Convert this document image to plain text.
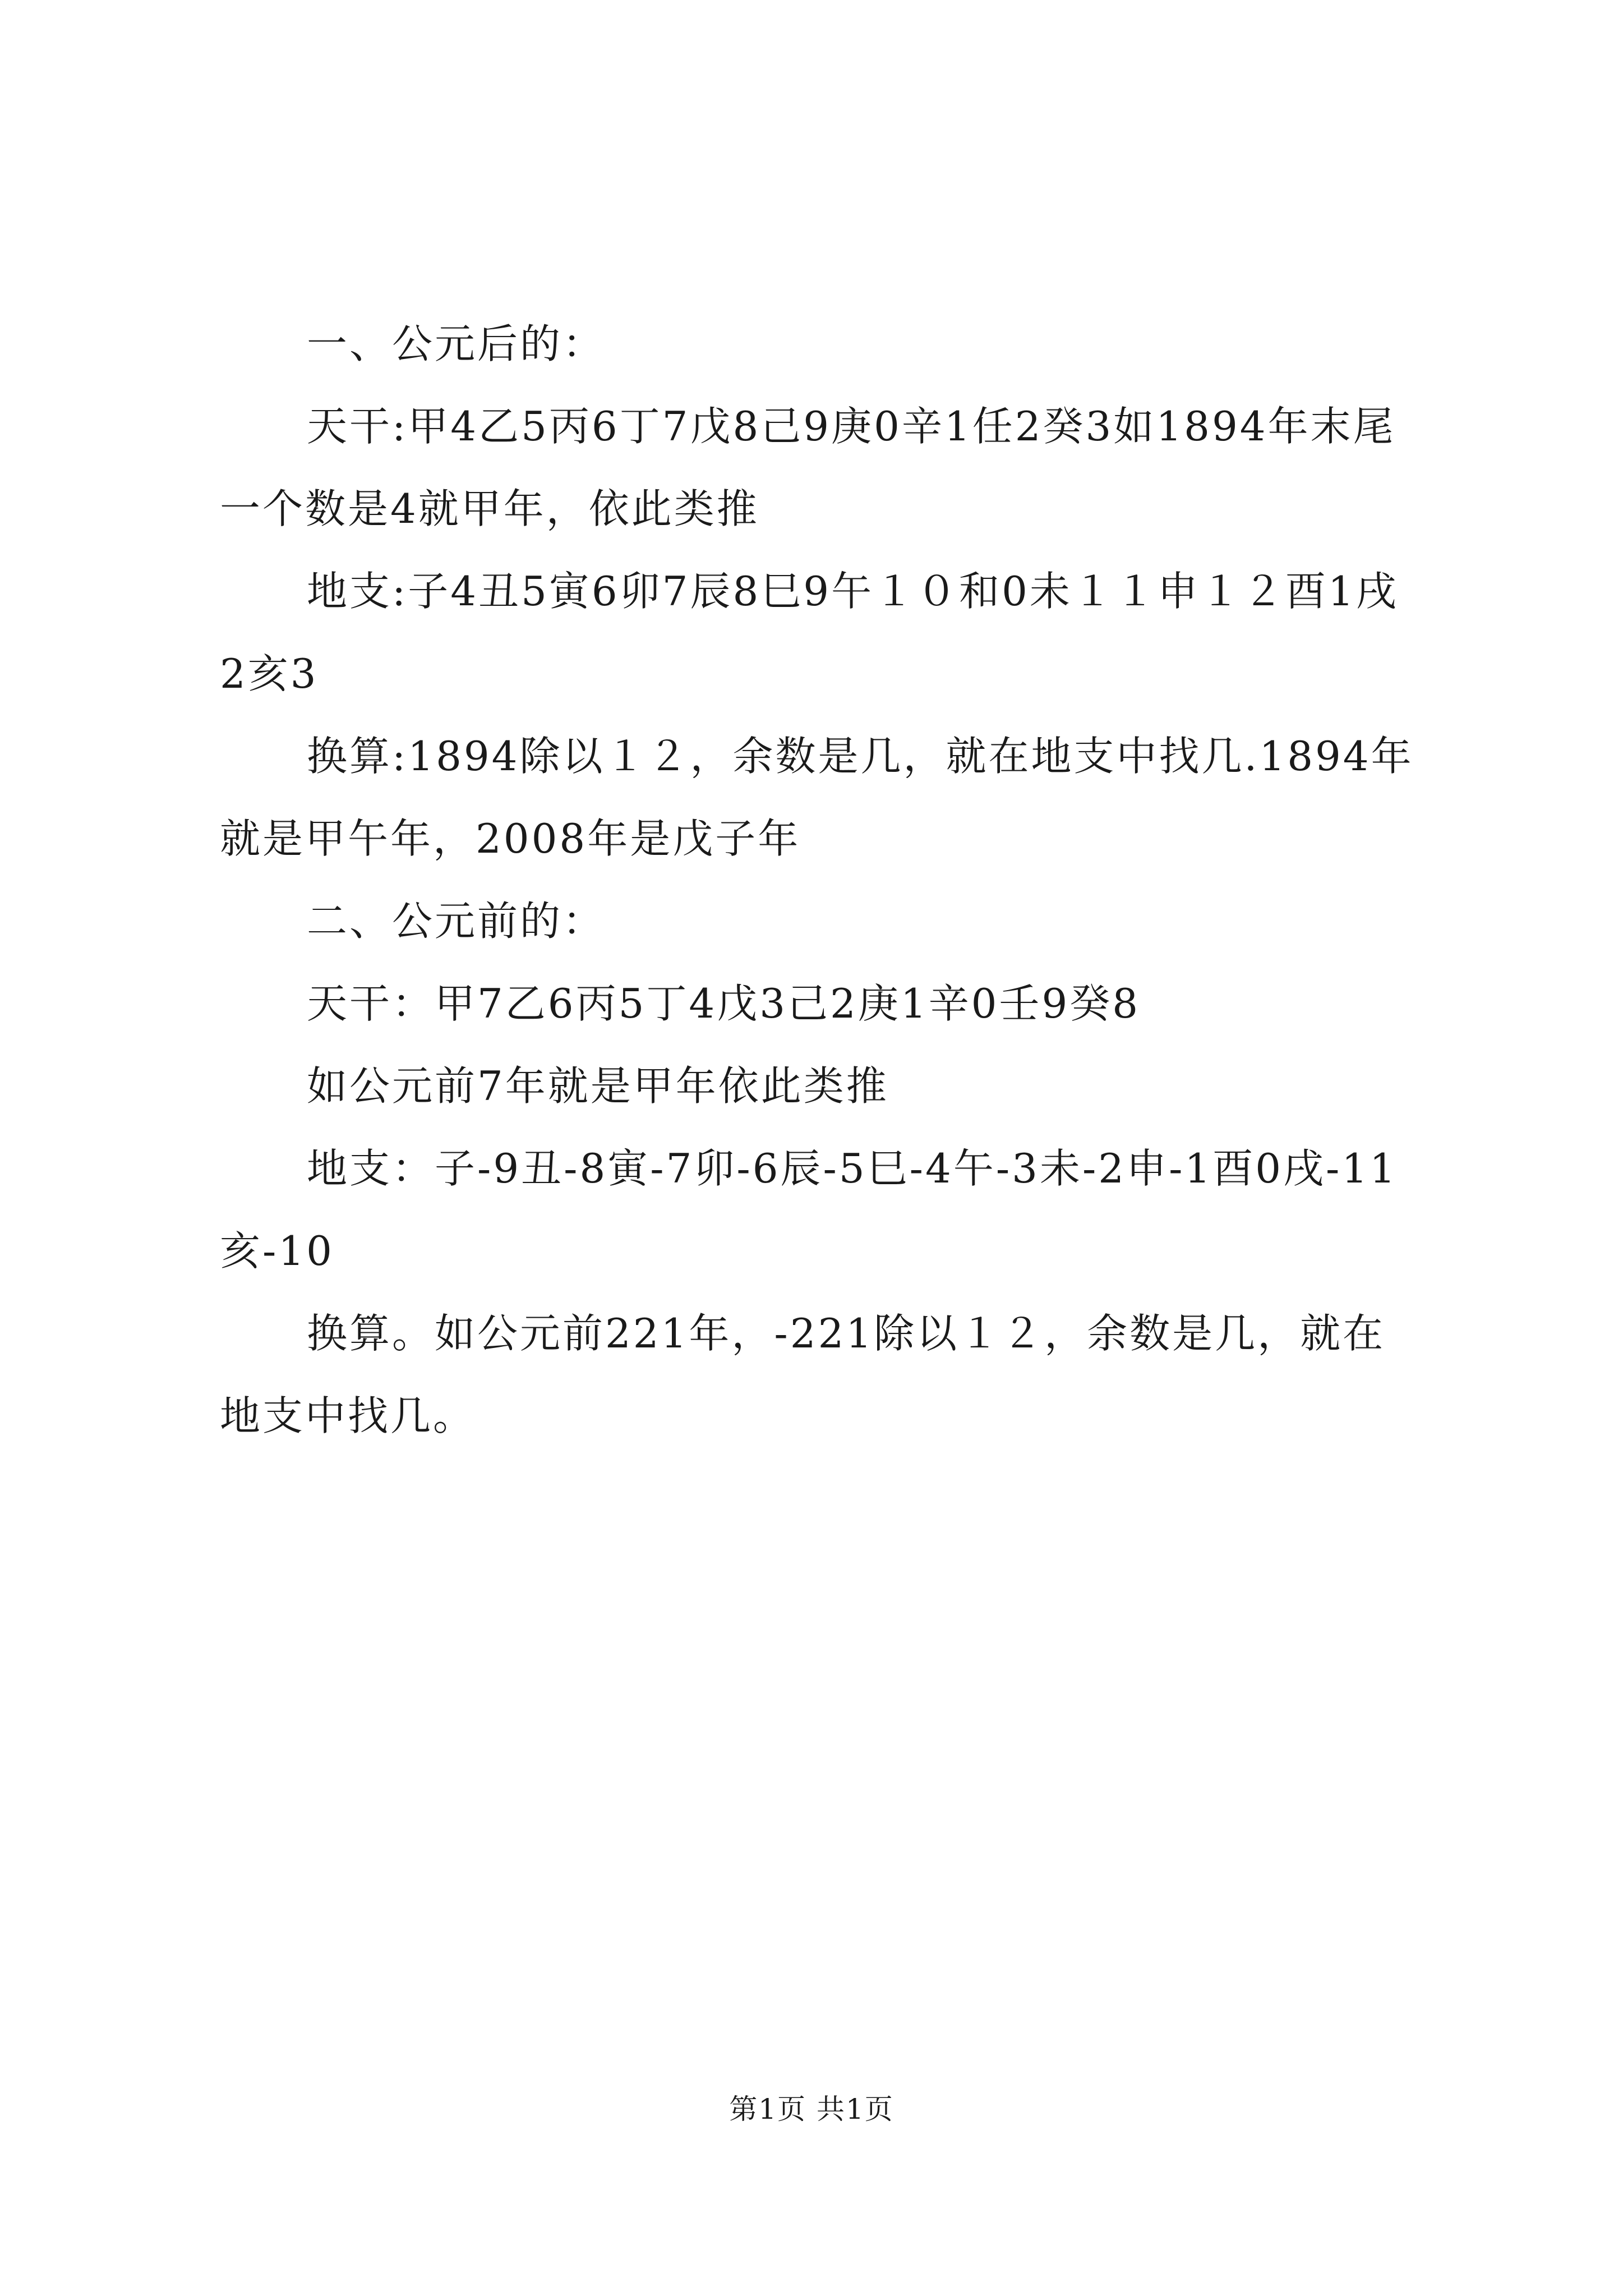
一、公元后的：

天干:甲4乙5丙6丁7戊8己9庚0辛1任2癸3如1894年末尾一个数是4就甲年，依此类推

地支:子4丑5寅6卯7辰8巳9午１０和0未１１申１２酉1戌2亥3

换算:1894除以１２，余数是几，就在地支中找几.1894年就是甲午年，2008年是戊子年

二、公元前的：

天干：甲7乙6丙5丁4戊3己2庚1辛0壬9癸8

如公元前7年就是甲年依此类推

地支：子-9丑-8寅-7卯-6辰-5巳-4午-3未-2申-1酉0戌-11亥-10

换算。如公元前221年，-221除以１２，余数是几，就在地支中找几。

第1页 共1页
